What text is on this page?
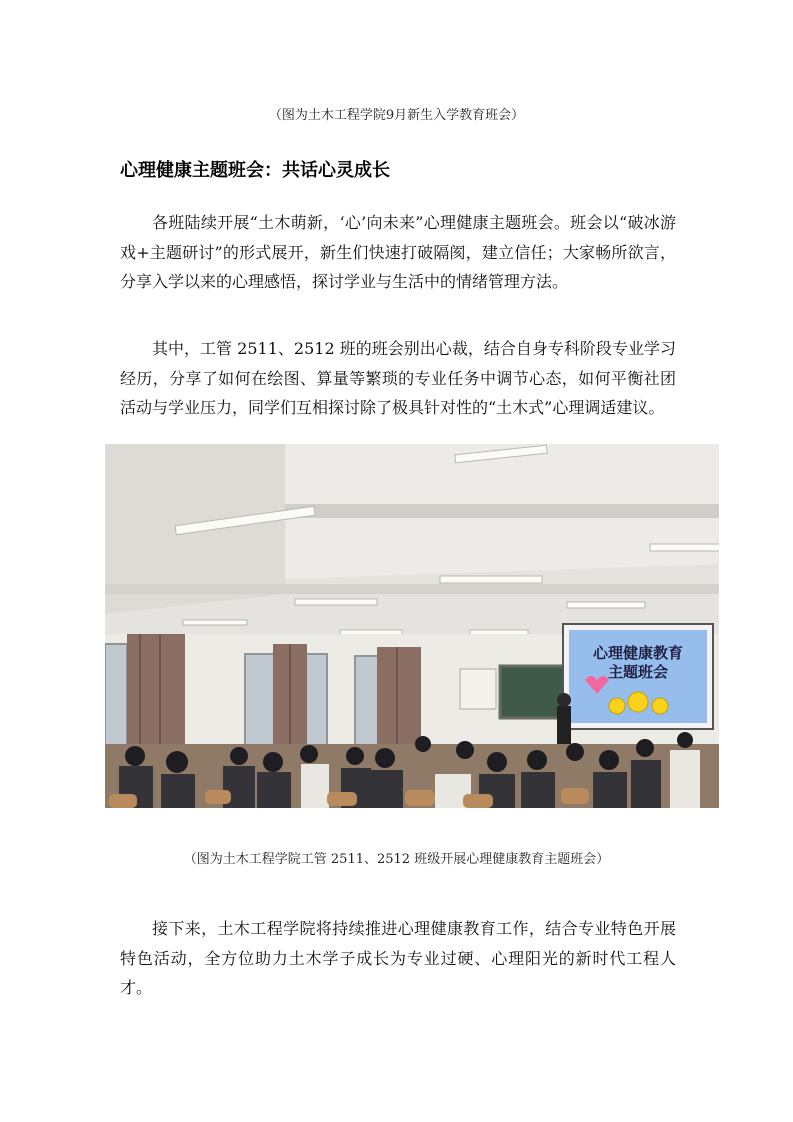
（图为土木工程学院9月新生入学教育班会）
心理健康主题班会：共话心灵成长

各班陆续开展“土木萌新，‘心’向未来”心理健康主题班会。班会以“破冰游戏+主题研讨”的形式展开，新生们快速打破隔阂，建立信任；大家畅所欲言，分享入学以来的心理感悟，探讨学业与生活中的情绪管理方法。

其中，工管 2511、2512 班的班会别出心裁，结合自身专科阶段专业学习经历，分享了如何在绘图、算量等繁琐的专业任务中调节心态，如何平衡社团活动与学业压力，同学们互相探讨除了极具针对性的“土木式”心理调适建议。

心理健康教育
主题班会
（图为土木工程学院工管 2511、2512 班级开展心理健康教育主题班会）

接下来，土木工程学院将持续推进心理健康教育工作，结合专业特色开展特色活动，全方位助力土木学子成长为专业过硬、心理阳光的新时代工程人才。
